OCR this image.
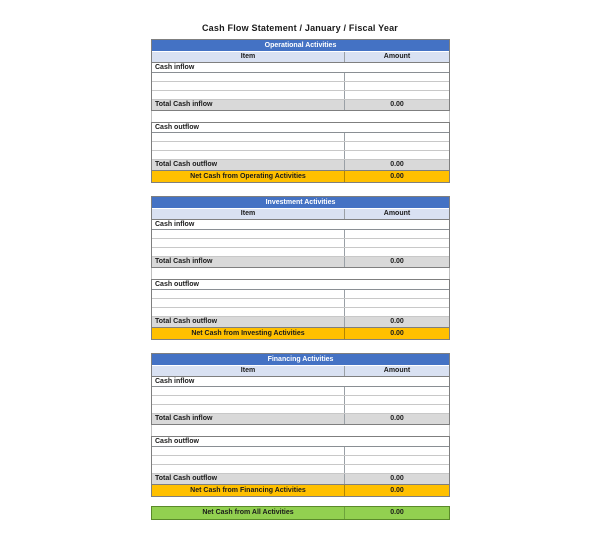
Cash Flow Statement / January / Fiscal Year
Operational Activities
Item	Amount
Cash inflow
Total Cash inflow	0.00
Cash outflow
Total Cash outflow	0.00
Net Cash from Operating Activities	0.00
Investment Activities
Item	Amount
Cash inflow
Total Cash inflow	0.00
Cash outflow
Total Cash outflow	0.00
Net Cash from Investing Activities	0.00
Financing Activities
Item	Amount
Cash inflow
Total Cash inflow	0.00
Cash outflow
Total Cash outflow	0.00
Net Cash from Financing Activities	0.00
Net Cash from All Activities	0.00
